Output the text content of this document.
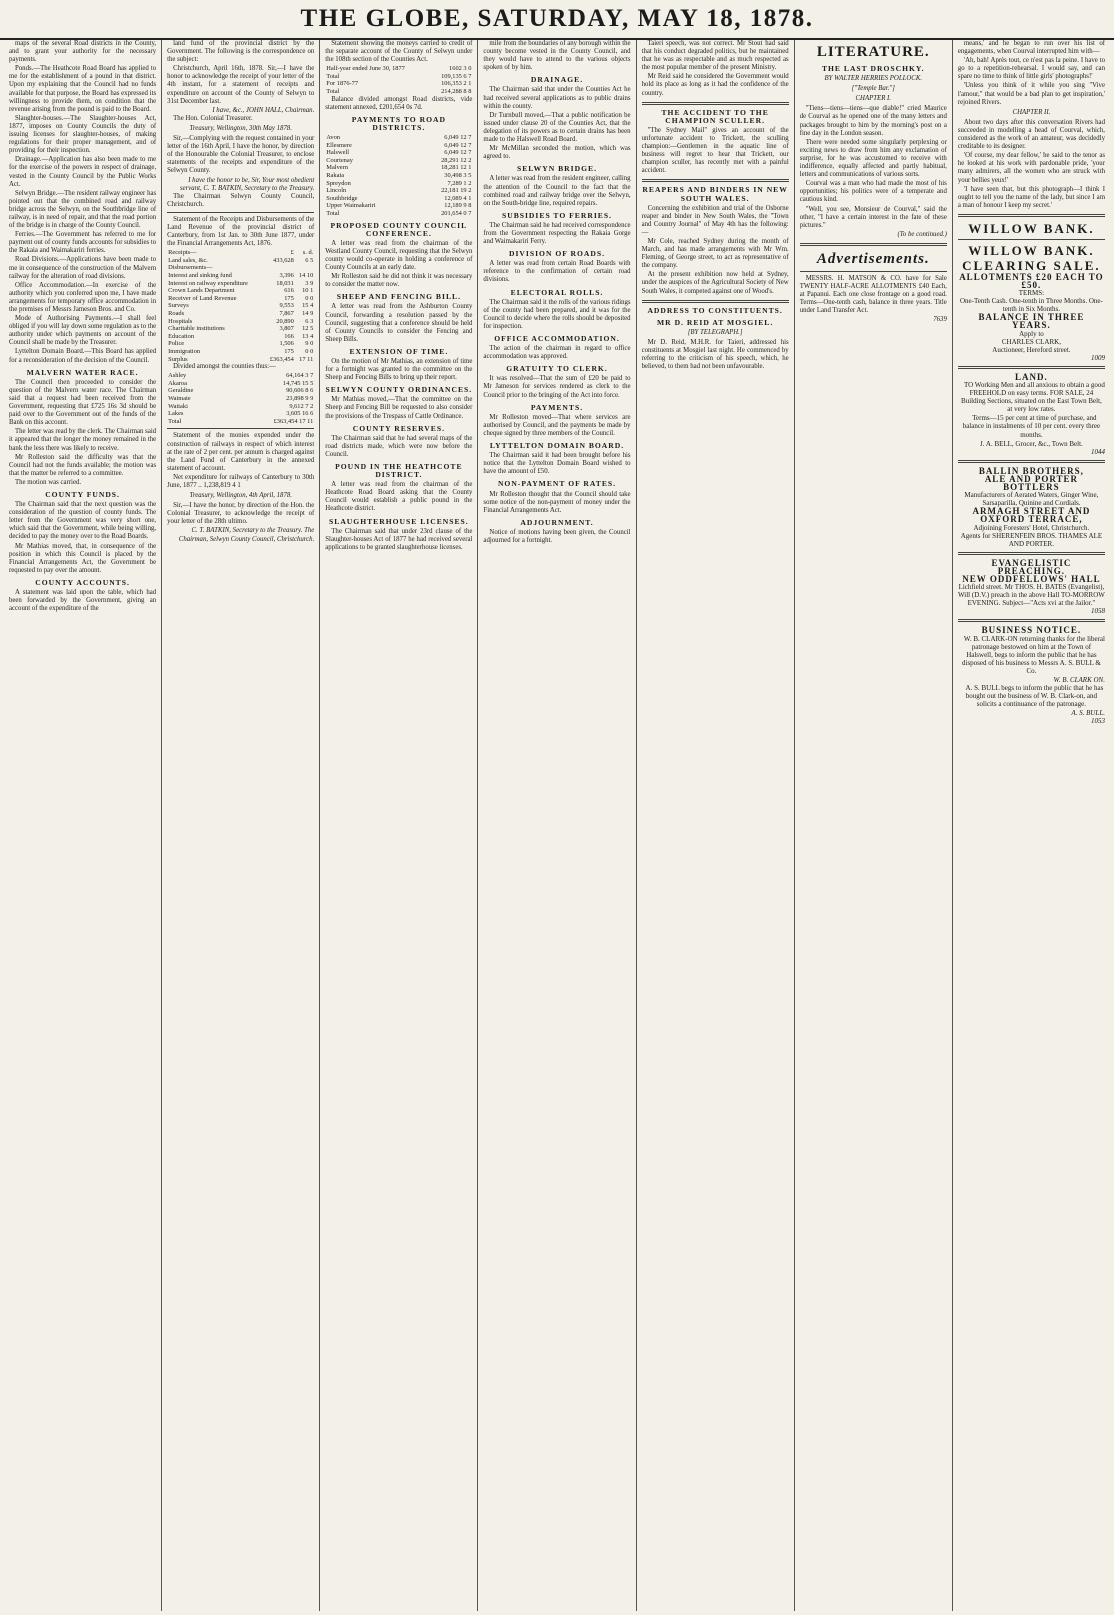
THE GLOBE, SATURDAY, MAY 18, 1878.

maps of the several Road districts in the County, and to grant your authority for the necessary payments.

Ponds.—The Heathcote Road Board has applied to me for the establishment of a pound in that district. Upon my explaining that the Council had no funds available for that purpose, the Board has expressed its willingness to provide them, on condition that the revenue arising from the pound is paid to the Board.

Slaughter-houses.—The Slaughter-houses Act, 1877, imposes on County Councils the duty of issuing licenses for slaughter-houses, of making regulations for their proper management, and of providing for their inspection.

Drainage.—Application has also been made to me for the exercise of the powers in respect of drainage, vested in the County Council by the Public Works Act.

Selwyn Bridge.—The resident railway engineer has pointed out that the combined road and railway bridge across the Selwyn, on the Southbridge line of railway, is in need of repair, and that the road portion of the bridge is in charge of the County Council.

Ferries.—The Government has referred to me for payment out of county funds accounts for subsidies to the Rakaia and Waimakariri ferries.

Road Divisions.—Applications have been made to me in consequence of the construction of the Malvern railway for the alteration of road divisions.

Office Accommodation.—In exercise of the authority which you conferred upon me, I have made arrangements for temporary office accommodation in the premises of Messrs Jameson Bros. and Co.

Mode of Authorising Payments.—I shall feel obliged if you will lay down some regulation as to the authority under which payments on account of the Council shall be made by the Treasurer.

Lyttelton Domain Board.—This Board has applied for a reconsideration of the decision of the Council.

MALVERN WATER RACE.

The Council then proceeded to consider the question of the Malvern water race. The Chairman said that a request had been received from the Government, requesting that £725 16s 3d should be paid over to the Government out of the funds of the Bank on this account.

The letter was read by the clerk. The Chairman said it appeared that the longer the money remained in the bank the less there was likely to receive.

Mr Rolleston said the difficulty was that the Council had not the funds available; the motion was that the matter be referred to a committee.

The motion was carried.

COUNTY FUNDS.

The Chairman said that the next question was the consideration of the question of county funds. The letter from the Government was very short one, which said that the Government, while being willing, decided to pay the money over to the Road Boards.

Mr Mathias moved, that, in consequence of the position in which this Council is placed by the Financial Arrangements Act, the Government be requested to pay over the amount.

COUNTY ACCOUNTS.

A statement was laid upon the table, which had been forwarded by the Government, giving an account of the expenditure of the

land fund of the provincial district by the Government. The following is the correspondence on the subject:

Christchurch, April 16th, 1878. Sir,—I have the honor to acknowledge the receipt of your letter of the 4th instant, for a statement of receipts and expenditure on account of the County of Selwyn to 31st December last.

I have, &c., JOHN HALL, Chairman.

The Hon. Colonial Treasurer.

Treasury, Wellington, 30th May 1878.

Sir,—Complying with the request contained in your letter of the 16th April, I have the honor, by direction of the Honourable the Colonial Treasurer, to enclose statements of the receipts and expenditure of the Selwyn County.

I have the honor to be, Sir, Your most obedient servant, C. T. BATKIN, Secretary to the Treasury.

The Chairman Selwyn County Council, Christchurch.

Statement of the Receipts and Disbursements of the Land Revenue of the provincial district of Canterbury, from 1st Jan. to 30th June 1877, under the Financial Arrangements Act, 1876.

Receipts—	£	s. d.
Land sales, &c.	433,628	6 5
Disbursements—		
Interest and sinking fund	3,396	14 10
Interest on railway expenditure	18,031	3 9
Crown Lands Department	616	10 1
Receiver of Land Revenue	175	0 0
Surveys	9,553	15 4
Roads	7,867	14 9
Hospitals	20,890	6 3
Charitable institutions	3,807	12 5
Education	166	13 4
Police	1,506	9 0
Immigration	175	0 0
Surplus	£363,454	17 11

Divided amongst the counties thus:—

Ashley	64,164 3 7
Akaroa	14,745 15 5
Geraldine	90,606 8 6
Waimate	23,898 9 9
Waitaki	9,612 7 2
Lakes	3,605 16 6
Total	£363,454 17 11

Statement of the monies expended under the construction of railways in respect of which interest at the rate of 2 per cent. per annum is charged against the Land Fund of Canterbury in the annexed statement of account.

Net expenditure for railways of Canterbury to 30th June, 1877 .. 1,238,819 4 1

Treasury, Wellington, 4th April, 1878.

Sir,—I have the honor, by direction of the Hon. the Colonial Treasurer, to acknowledge the receipt of your letter of the 28th ultimo.

C. T. BATKIN, Secretary to the Treasury. The Chairman, Selwyn County Council, Christchurch.

Statement showing the moneys carried to credit of the separate account of the County of Selwyn under the 108th section of the Counties Act.

Half-year ended June 30, 1877	1602 3 0
Total	109,135 6 7
For 1876-77	106,353 2 1
Total	214,288 8 8

Balance divided amongst Road districts, vide statement annexed, £201,654 0s 7d.

PAYMENTS TO ROAD DISTRICTS.
Avon	6,049 12 7
Ellesmere	6,049 12 7
Halswell	6,049 12 7
Courtenay	28,291 12 2
Malvern	18,281 12 1
Rakaia	30,498 3 5
Spreydon	7,289 1 2
Lincoln	22,181 19 2
Southbridge	12,089 4 1
Upper Waimakariri	12,189 9 8
Total	201,654 0 7
PROPOSED COUNTY COUNCIL CONFERENCE.

A letter was read from the chairman of the Westland County Council, requesting that the Selwyn county would co-operate in holding a conference of County Councils at an early date.

Mr Rolleston said he did not think it was necessary to consider the matter now.

SHEEP AND FENCING BILL.

A letter was read from the Ashburton County Council, forwarding a resolution passed by the Council, suggesting that a conference should be held of County Councils to consider the Fencing and Sheep Bills.

EXTENSION OF TIME.

On the motion of Mr Mathias, an extension of time for a fortnight was granted to the committee on the Sheep and Fencing Bills to bring up their report.

SELWYN COUNTY ORDINANCES.

Mr Mathias moved,—That the committee on the Sheep and Fencing Bill be requested to also consider the provisions of the Trespass of Cattle Ordinance.

COUNTY RESERVES.

The Chairman said that he had several maps of the road districts made, which were now before the Council.

POUND IN THE HEATHCOTE DISTRICT.

A letter was read from the chairman of the Heathcote Road Board asking that the County Council would establish a public pound in the Heathcote district.

SLAUGHTERHOUSE LICENSES.

The Chairman said that under 23rd clause of the Slaughter-houses Act of 1877 he had received several applications to be granted slaughterhouse licenses.

mile from the boundaries of any borough within the county become vested in the County Council, and they would have to attend to the various objects spoken of by him.

DRAINAGE.

The Chairman said that under the Counties Act he had received several applications as to public drains within the county.

Dr Turnbull moved,—That a public notification be issued under clause 20 of the Counties Act, that the delegation of its powers as to certain drains has been made to the Halswell Road Board.

Mr McMillan seconded the motion, which was agreed to.

SELWYN BRIDGE.

A letter was read from the resident engineer, calling the attention of the Council to the fact that the combined road and railway bridge over the Selwyn, on the South-bridge line, required repairs.

SUBSIDIES TO FERRIES.

The Chairman said he had received correspondence from the Government respecting the Rakaia Gorge and Waimakariri Ferry.

DIVISION OF ROADS.

A letter was read from certain Road Boards with reference to the confirmation of certain road divisions.

ELECTORAL ROLLS.

The Chairman said it the rolls of the various ridings of the county had been prepared, and it was for the Council to decide where the rolls should be deposited for inspection.

OFFICE ACCOMMODATION.

The action of the chairman in regard to office accommodation was approved.

GRATUITY TO CLERK.

It was resolved—That the sum of £20 be paid to Mr Jameson for services rendered as clerk to the Council prior to the bringing of the Act into force.

PAYMENTS.

Mr Rolleston moved—That where services are authorised by Council, and the payments be made by cheque signed by three members of the Council.

LYTTELTON DOMAIN BOARD.

The Chairman said it had been brought before his notice that the Lyttelton Domain Board wished to have the amount of £50.

NON-PAYMENT OF RATES.

Mr Rolleston thought that the Council should take some notice of the non-payment of money under the Financial Arrangements Act.

ADJOURNMENT.

Notice of motions having been given, the Council adjourned for a fortnight.

Taieri speech, was not correct. Mr Stout had said that his conduct degraded politics, but he maintained that he was as respectable and as much respected as the most popular member of the present Ministry.

Mr Reid said he considered the Government would hold its place as long as it had the confidence of the country.

THE ACCIDENT TO THE CHAMPION SCULLER.

"The Sydney Mail" gives an account of the unfortunate accident to Trickett, the sculling champion:—Gentlemen in the aquatic line of business will regret to hear that Trickett, our champion sculler, has recently met with a painful accident.

REAPERS AND BINDERS IN NEW SOUTH WALES.

Concerning the exhibition and trial of the Osborne reaper and binder in New South Wales, the "Town and Country Journal" of May 4th has the following:—

Mr Cole, reached Sydney during the month of March, and has made arrangements with Mr Wm. Fleming, of George street, to act as representative of the company.

At the present exhibition now held at Sydney, under the auspices of the Agricultural Society of New South Wales, it competed against one of Wood's.

ADDRESS TO CONSTITUENTS.
MR D. REID AT MOSGIEL.
[BY TELEGRAPH.]

Mr D. Reid, M.H.R. for Taieri, addressed his constituents at Mosgiel last night. He commenced by referring to the criticism of his speech, which, he believed, to them had not been unfavourable.

LITERATURE.
THE LAST DROSCHKY.
BY WALTER HERRIES POLLOCK.
["Temple Bar."]
CHAPTER I.

"Tiens—tiens—tiens—que diable!" cried Maurice de Courval as he opened one of the many letters and packages brought to him by the morning's post on a fine day in the London season.

There were needed some singularly perplexing or exciting news to draw from him any exclamation of surprise, for he was accustomed to receive with indifference, equally affected and partly habitual, letters and communications of various sorts.

Courval was a man who had made the most of his opportunities; his politics were of a temperate and cautious kind.

"Well, you see, Monsieur de Courval," said the other, "I have a certain interest in the fate of these pictures."

(To be continued.)
Advertisements.

MESSRS. H. MATSON & CO. have for Sale TWENTY HALF-ACRE ALLOTMENTS £40 Each, at Papanui. Each one close frontage on a good road. Terms—One-tenth cash, balance in three years. Title under Land Transfer Act.

7639

means,' and he began to run over his list of engagements, when Courval interrupted him with—

'Ah, bah! Après tout, ce n'est pas la peine. I have to go to a repetition-rehearsal. I would say, and can spare no time to think of little girls' photographs!'

'Unless you think of it while you sing "Vive l'amour," that would be a bad plan to get inspiration,' rejoined Rivers.

CHAPTER II.

About two days after this conversation Rivers had succeeded in modelling a head of Courval, which, considered as the work of an amateur, was decidedly creditable to its designer.

'Of course, my dear fellow,' he said to the tenor as he looked at his work with pardonable pride, 'your many admirers, all the women who are struck with your bellies yeux!'

'I have seen that, but this photograph—I think I ought to tell you the name of the lady, but since I am a man of honour I keep my secret.'

WILLOW BANK.
WILLOW BANK.
CLEARING SALE.
ALLOTMENTS £20 EACH TO £50.
TERMS:
One-Tenth Cash. One-tenth in Three Months. One-tenth in Six Months.
BALANCE IN THREE YEARS.
Apply to
CHARLES CLARK,
Auctioneer, Hereford street.
1009
LAND.

TO Working Men and all anxious to obtain a good FREEHOLD on easy terms. FOR SALE, 24 Building Sections, situated on the East Town Belt, at very low rates.

Terms—15 per cent at time of purchase, and balance in instalments of 10 per cent. every three months.

J. A. BELL, Grocer, &c., Town Belt.
1044
BALLIN BROTHERS,
ALE AND PORTER BOTTLERS
Manufacturers of Aerated Waters, Ginger Wine, Sarsaparilla, Quinine and Cordials.
ARMAGH STREET AND OXFORD TERRACE,
Adjoining Foresters' Hotel, Christchurch.
Agents for SHERENFEIN BROS. THAMES ALE AND PORTER.
EVANGELISTIC PREACHING.
NEW ODDFELLOWS' HALL
Lichfield street. Mr THOS. H. BATES (Evangelist), Will (D.V.) preach in the above Hall TO-MORROW EVENING. Subject—"Acts xvi at the Jailor."
1058
BUSINESS NOTICE.

W. B. CLARK-ON returning thanks for the liberal patronage bestowed on him at the Town of Halswell, begs to inform the public that he has disposed of his business to Messrs A. S. BULL & Co.

W. B. CLARK ON.

A. S. BULL begs to inform the public that he has bought out the business of W. B. Clark-on, and solicits a continuance of the patronage.

A. S. BULL.
1053
